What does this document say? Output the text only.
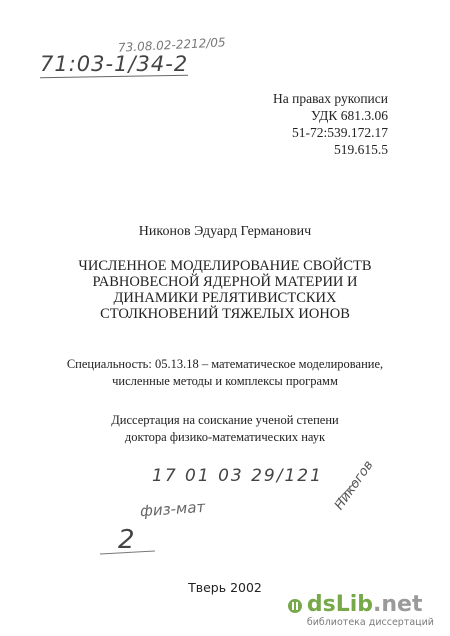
73.08.02-2212/05
71:03-1/34-2
На правах рукописи
УДК 681.3.06
51-72:539.172.17
519.615.5
Никонов Эдуард Германович
ЧИСЛЕННОЕ МОДЕЛИРОВАНИЕ СВОЙСТВ
РАВНОВЕСНОЙ ЯДЕРНОЙ МАТЕРИИ И
ДИНАМИКИ РЕЛЯТИВИСТСКИХ
СТОЛКНОВЕНИЙ ТЯЖЕЛЫХ ИОНОВ
Специальность: 05.13.18 – математическое моделирование,
численные методы и комплексы программ
Диссертация на соискание ученой степени
доктора физико-математических наук
17 01 03 29/121 Никогов
физ-мат
2
Тверь 2002
dsLib.net
библиотека диссертаций
